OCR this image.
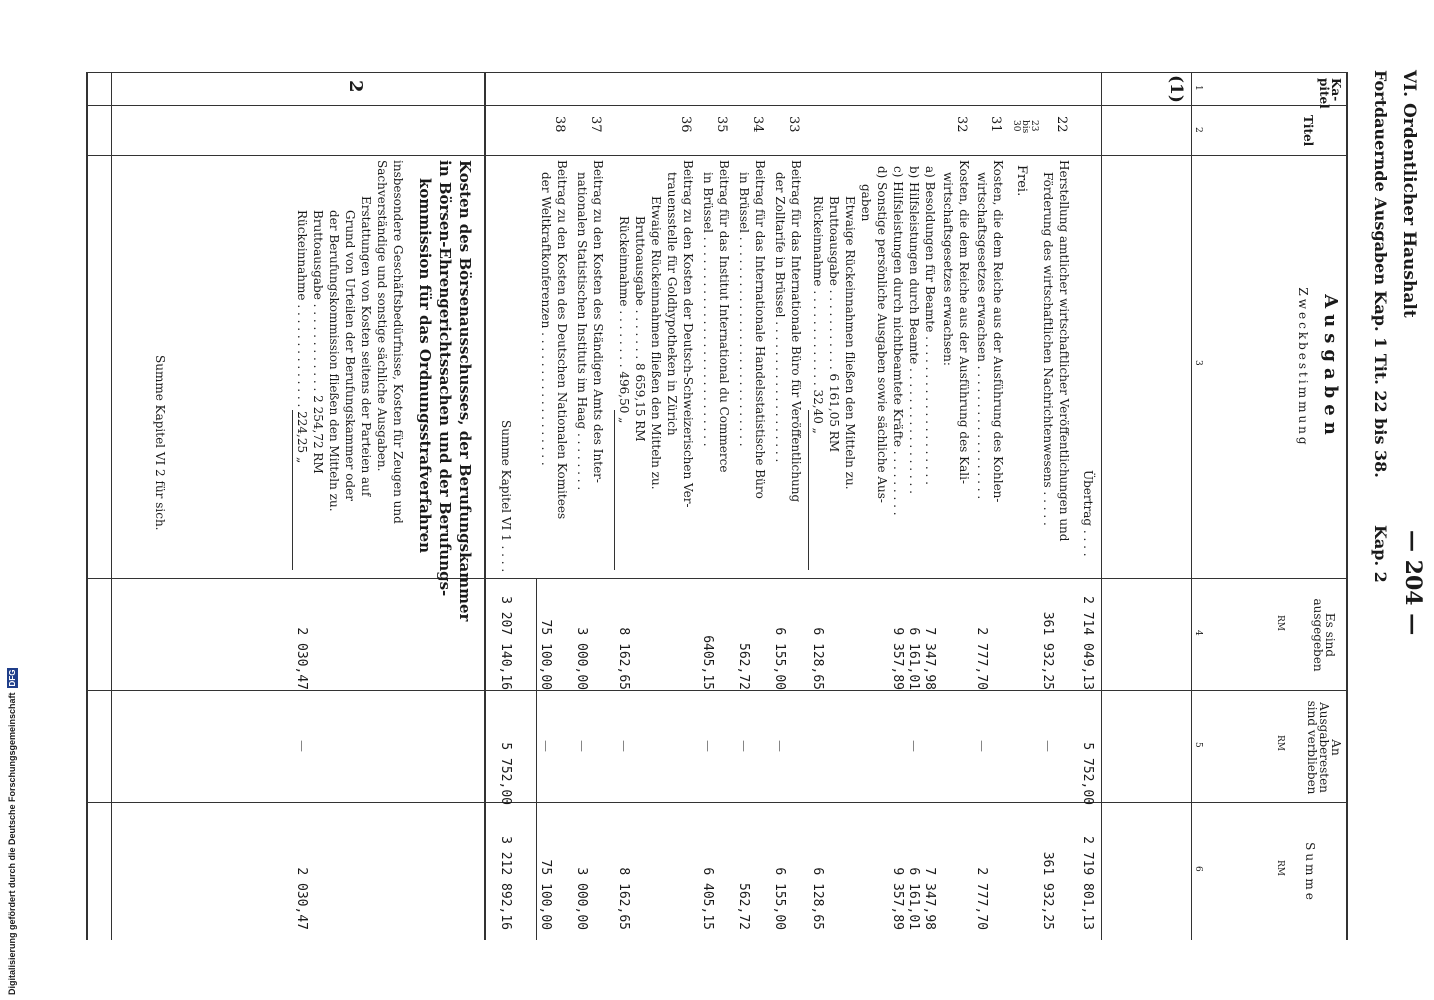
VI. Ordentlicher Haushalt
— 204 —
Fortdauernde Ausgaben Kap. 1 Tit. 22 bis 38.
Kap. 2
Ka- pitel
Titel
Ausgaben
Zweckbestimmung
Es sind ausgegeben
An Ausgaberesten sind verblieben
Summe
RM
RM
RM
1
2
3
4
5
6
(1)
Übertrag . . . .
2 714 049,13
5 752,00
2 719 801,13
22
Herstellung amtlicher wirtschaftlicher Veröffentlichungen und
Förderung des wirtschaftlichen Nachrichtenwesens . . . . .
361 932,25
—
361 932,25
23
bis
30
Frei.
31
Kosten, die dem Reiche aus der Ausführung des Kohlen-
wirtschaftsgesetzes erwachsen . . . . . . . . . . . . . . . . . .
2 777,70
—
2 777,70
32
Kosten, die dem Reiche aus der Ausführung des Kali-
wirtschaftsgesetzes erwachsen:
a) Besoldungen für Beamte . . . . . . . . . . . . . . . . . . . .
7 347,98
7 347,98
b) Hilfsleistungen durch Beamte . . . . . . . . . . . . . . . . .
6 161,01
—
6 161,01
c) Hilfsleistungen durch nichtbeamtete Kräfte . . . . . . . . .
9 357,89
9 357,89
d) Sonstige persönliche Ausgaben sowie sächliche Aus-
gaben
Etwaige Rückeinnahmen fließen den Mitteln zu.
Bruttoausgabe . . . . . . . . . . . 6 161,05 RM
Rückeinnahme . . . . . . . . . . . . . 32,40 „
6 128,65
6 128,65
33
Beitrag für das Internationale Büro für Veröffentlichung
der Zolltarife in Brüssel . . . . . . . . . . . . . . . . . . .
6 155,00
—
6 155,00
34
Beitrag für das Internationale Handelsstatistische Büro
in Brüssel . . . . . . . . . . . . . . . . . . . . . . . . . . . .
562,72
—
562,72
35
Beitrag für das Institut International du Commerce
in Brüssel . . . . . . . . . . . . . . . . . . . . . . . . . . . .
6405,15
—
6 405,15
36
Beitrag zu den Kosten der Deutsch-Schweizerischen Ver-
trauensstelle für Goldhypotheken in Zürich
Etwaige Rückeinnahmen fließen den Mitteln zu.
Bruttoausgabe . . . . . . . 8 659,15 RM
Rückeinnahme . . . . . . . . 496,50 „
8 162,65
—
8 162,65
37
Beitrag zu den Kosten des Ständigen Amts des Inter-
nationalen Statistischen Instituts im Haag . . . . . . . .
3 000,00
—
3 000,00
38
Beitrag zu den Kosten des Deutschen Nationalen Komitees
der Weltkraftkonferenzen . . . . . . . . . . . . . . . . . .
75 100,00
—
75 100,00
Summe Kapitel VI 1 . . . .
3 207 140,16
5 752,00
3 212 892,16
2
Kosten des Börsenausschusses, der Berufungskammer
in Börsen-Ehrengerichtssachen und der Berufungs-
kommission für das Ordnungsstrafverfahren
insbesondere Geschäftsbedürfnisse, Kosten für Zeugen und
Sachverständige und sonstige sächliche Ausgaben.
Erstattungen von Kosten seitens der Parteien auf
Grund von Urteilen der Berufungskammer oder
der Berufungskommission fließen den Mitteln zu.
Bruttoausgabe . . . . . . . . . . . . 2 254,72 RM
Rückeinnahme . . . . . . . . . . . . . . 224,25 „
2 030,47
—
2 030,47
Summe Kapitel VI 2 für sich.
Digitalisierung gefördert durch die Deutsche Forschungsgemeinschaft
DFG
